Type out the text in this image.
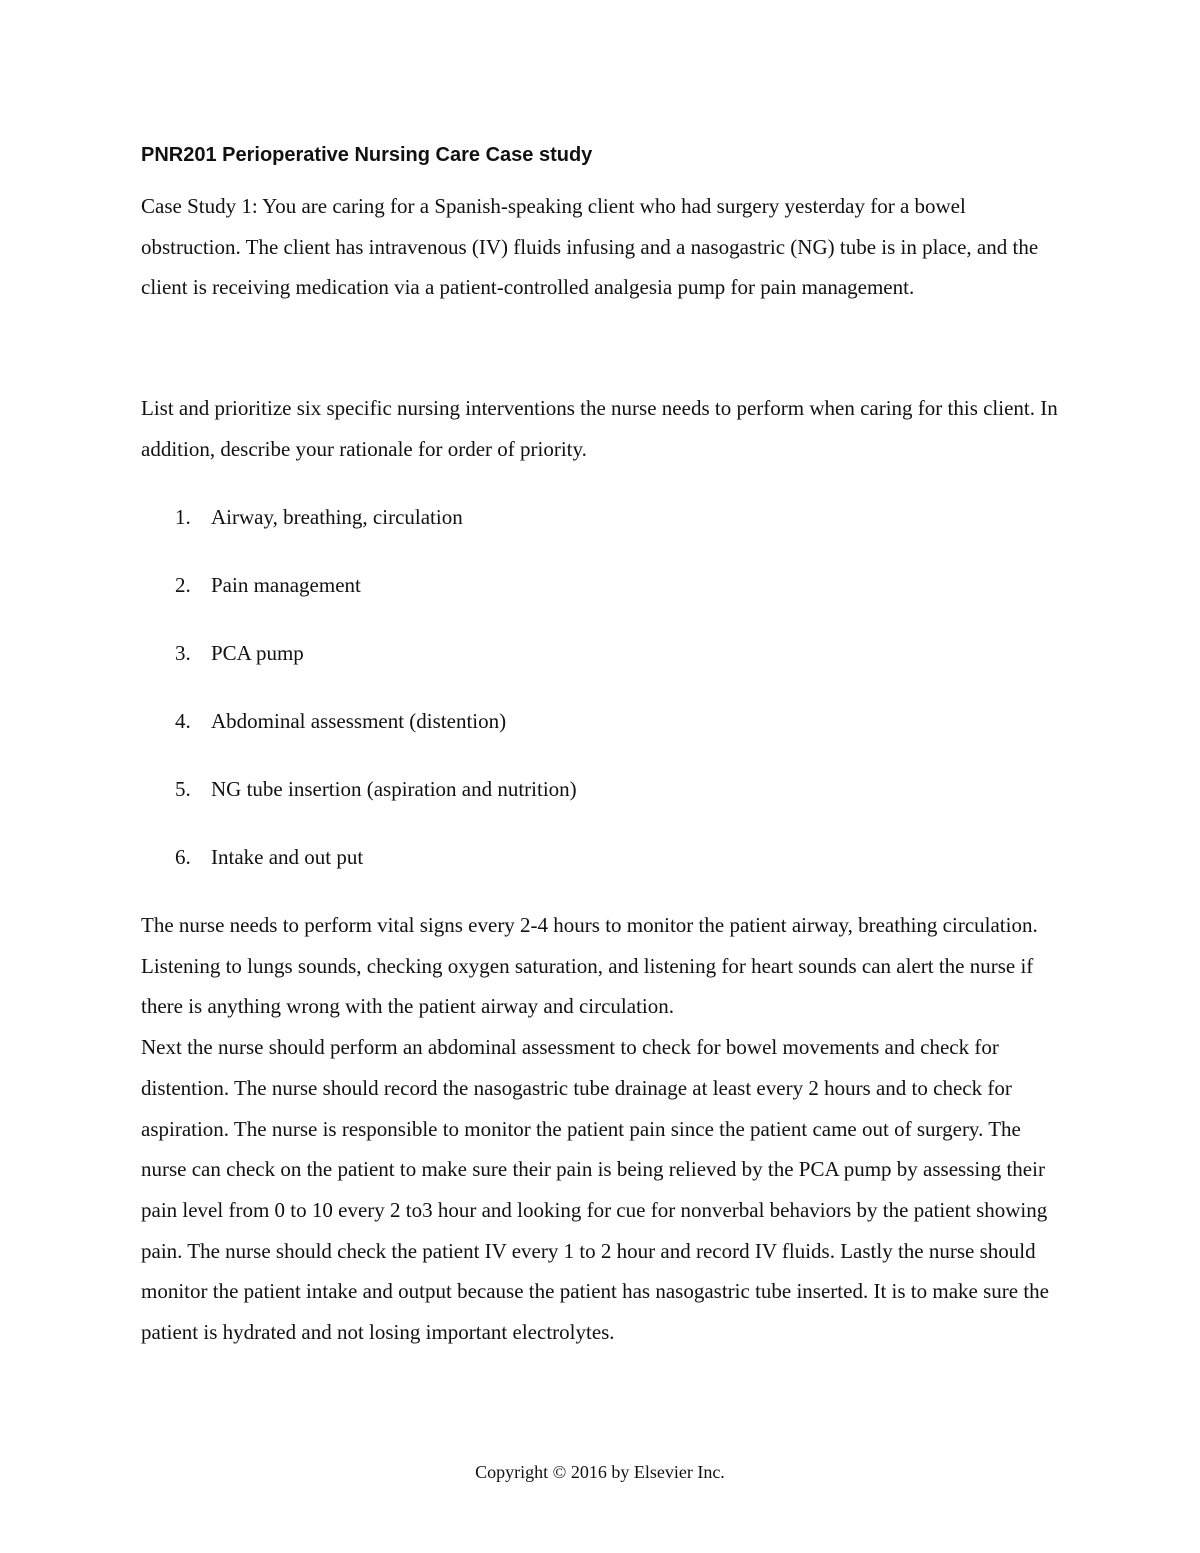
PNR201 Perioperative Nursing Care Case study

Case Study 1: You are caring for a Spanish-speaking client who had surgery yesterday for a bowel obstruction. The client has intravenous (IV) fluids infusing and a nasogastric (NG) tube is in place, and the client is receiving medication via a patient-controlled analgesia pump for pain management.

List and prioritize six specific nursing interventions the nurse needs to perform when caring for this client. In addition, describe your rationale for order of priority.

1. Airway, breathing, circulation
2. Pain management
3. PCA pump
4. Abdominal assessment (distention)
5. NG tube insertion (aspiration and nutrition)
6. Intake and out put
The nurse needs to perform vital signs every 2-4 hours to monitor the patient airway, breathing circulation. Listening to lungs sounds, checking oxygen saturation, and listening for heart sounds can alert the nurse if there is anything wrong with the patient airway and circulation.
Next the nurse should perform an abdominal assessment to check for bowel movements and check for distention. The nurse should record the nasogastric tube drainage at least every 2 hours and to check for aspiration. The nurse is responsible to monitor the patient pain since the patient came out of surgery. The nurse can check on the patient to make sure their pain is being relieved by the PCA pump by assessing their pain level from 0 to 10 every 2 to3 hour and looking for cue for nonverbal behaviors by the patient showing pain. The nurse should check the patient IV every 1 to 2 hour and record IV fluids. Lastly the nurse should monitor the patient intake and output because the patient has nasogastric tube inserted. It is to make sure the patient is hydrated and not losing important electrolytes.
Copyright © 2016 by Elsevier Inc.
